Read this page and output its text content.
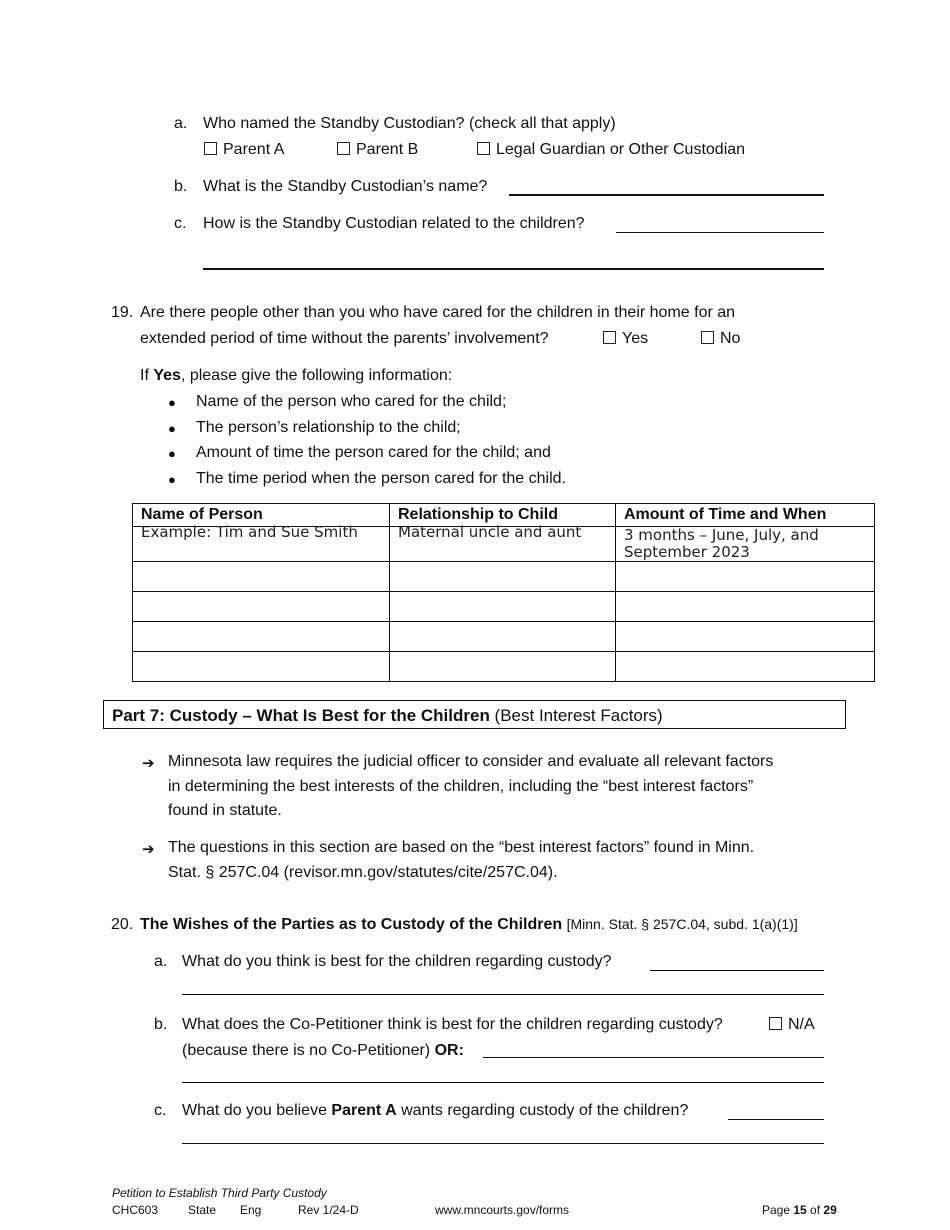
a. Who named the Standby Custodian? (check all that apply)
Parent A	Parent B	Legal Guardian or Other Custodian
b. What is the Standby Custodian’s name?
c. How is the Standby Custodian related to the children?
19. Are there people other than you who have cared for the children in their home for an
extended period of time without the parents’ involvement?	Yes	No
If Yes, please give the following information:
● Name of the person who cared for the child;
● The person’s relationship to the child;
● Amount of time the person cared for the child; and
● The time period when the person cared for the child.
Name of Person	Relationship to Child	Amount of Time and When
Example: Tim and Sue Smith	Maternal uncle and aunt	3 months – June, July, and September 2023

Part 7: Custody – What Is Best for the Children (Best Interest Factors)
➔ Minnesota law requires the judicial officer to consider and evaluate all relevant factors
in determining the best interests of the children, including the “best interest factors”
found in statute.
➔ The questions in this section are based on the “best interest factors” found in Minn.
Stat. § 257C.04 (revisor.mn.gov/statutes/cite/257C.04).
20. The Wishes of the Parties as to Custody of the Children [Minn. Stat. § 257C.04, subd. 1(a)(1)]
a. What do you think is best for the children regarding custody?
b. What does the Co-Petitioner think is best for the children regarding custody?	N/A
(because there is no Co-Petitioner) OR:
c. What do you believe Parent A wants regarding custody of the children?
Petition to Establish Third Party Custody
CHC603 State Eng	Rev 1/24-D	www.mncourts.gov/forms	Page 15 of 29
